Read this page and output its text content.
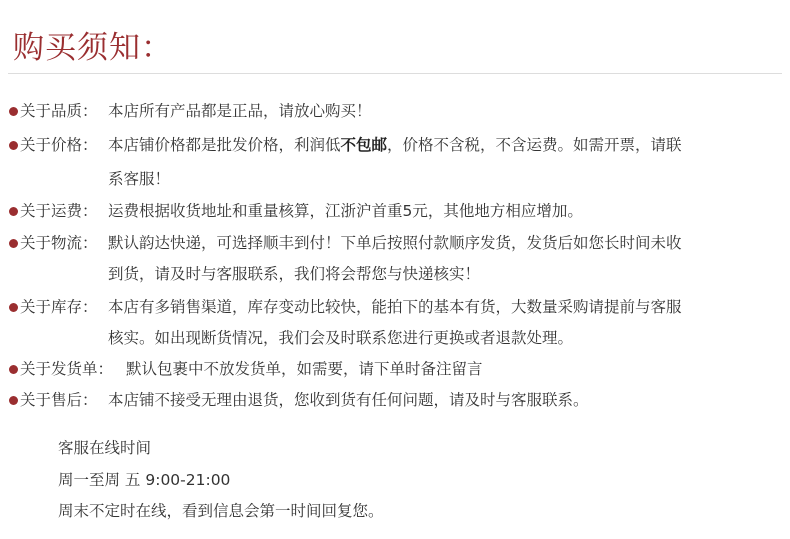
购买须知：
关于品质： 本店所有产品都是正品，请放心购买！
关于价格： 本店铺价格都是批发价格，利润低不包邮，价格不含税，不含运费。如需开票，请联
系客服！
关于运费： 运费根据收货地址和重量核算，江浙沪首重5元，其他地方相应增加。
关于物流： 默认韵达快递，可选择顺丰到付！下单后按照付款顺序发货，发货后如您长时间未收
到货，请及时与客服联系，我们将会帮您与快递核实！
关于库存： 本店有多销售渠道，库存变动比较快，能拍下的基本有货，大数量采购请提前与客服
核实。如出现断货情况，我们会及时联系您进行更换或者退款处理。
关于发货单： 默认包裹中不放发货单，如需要，请下单时备注留言
关于售后： 本店铺不接受无理由退货，您收到货有任何问题，请及时与客服联系。
客服在线时间
周一至周 五 9:00-21:00
周末不定时在线，看到信息会第一时间回复您。
